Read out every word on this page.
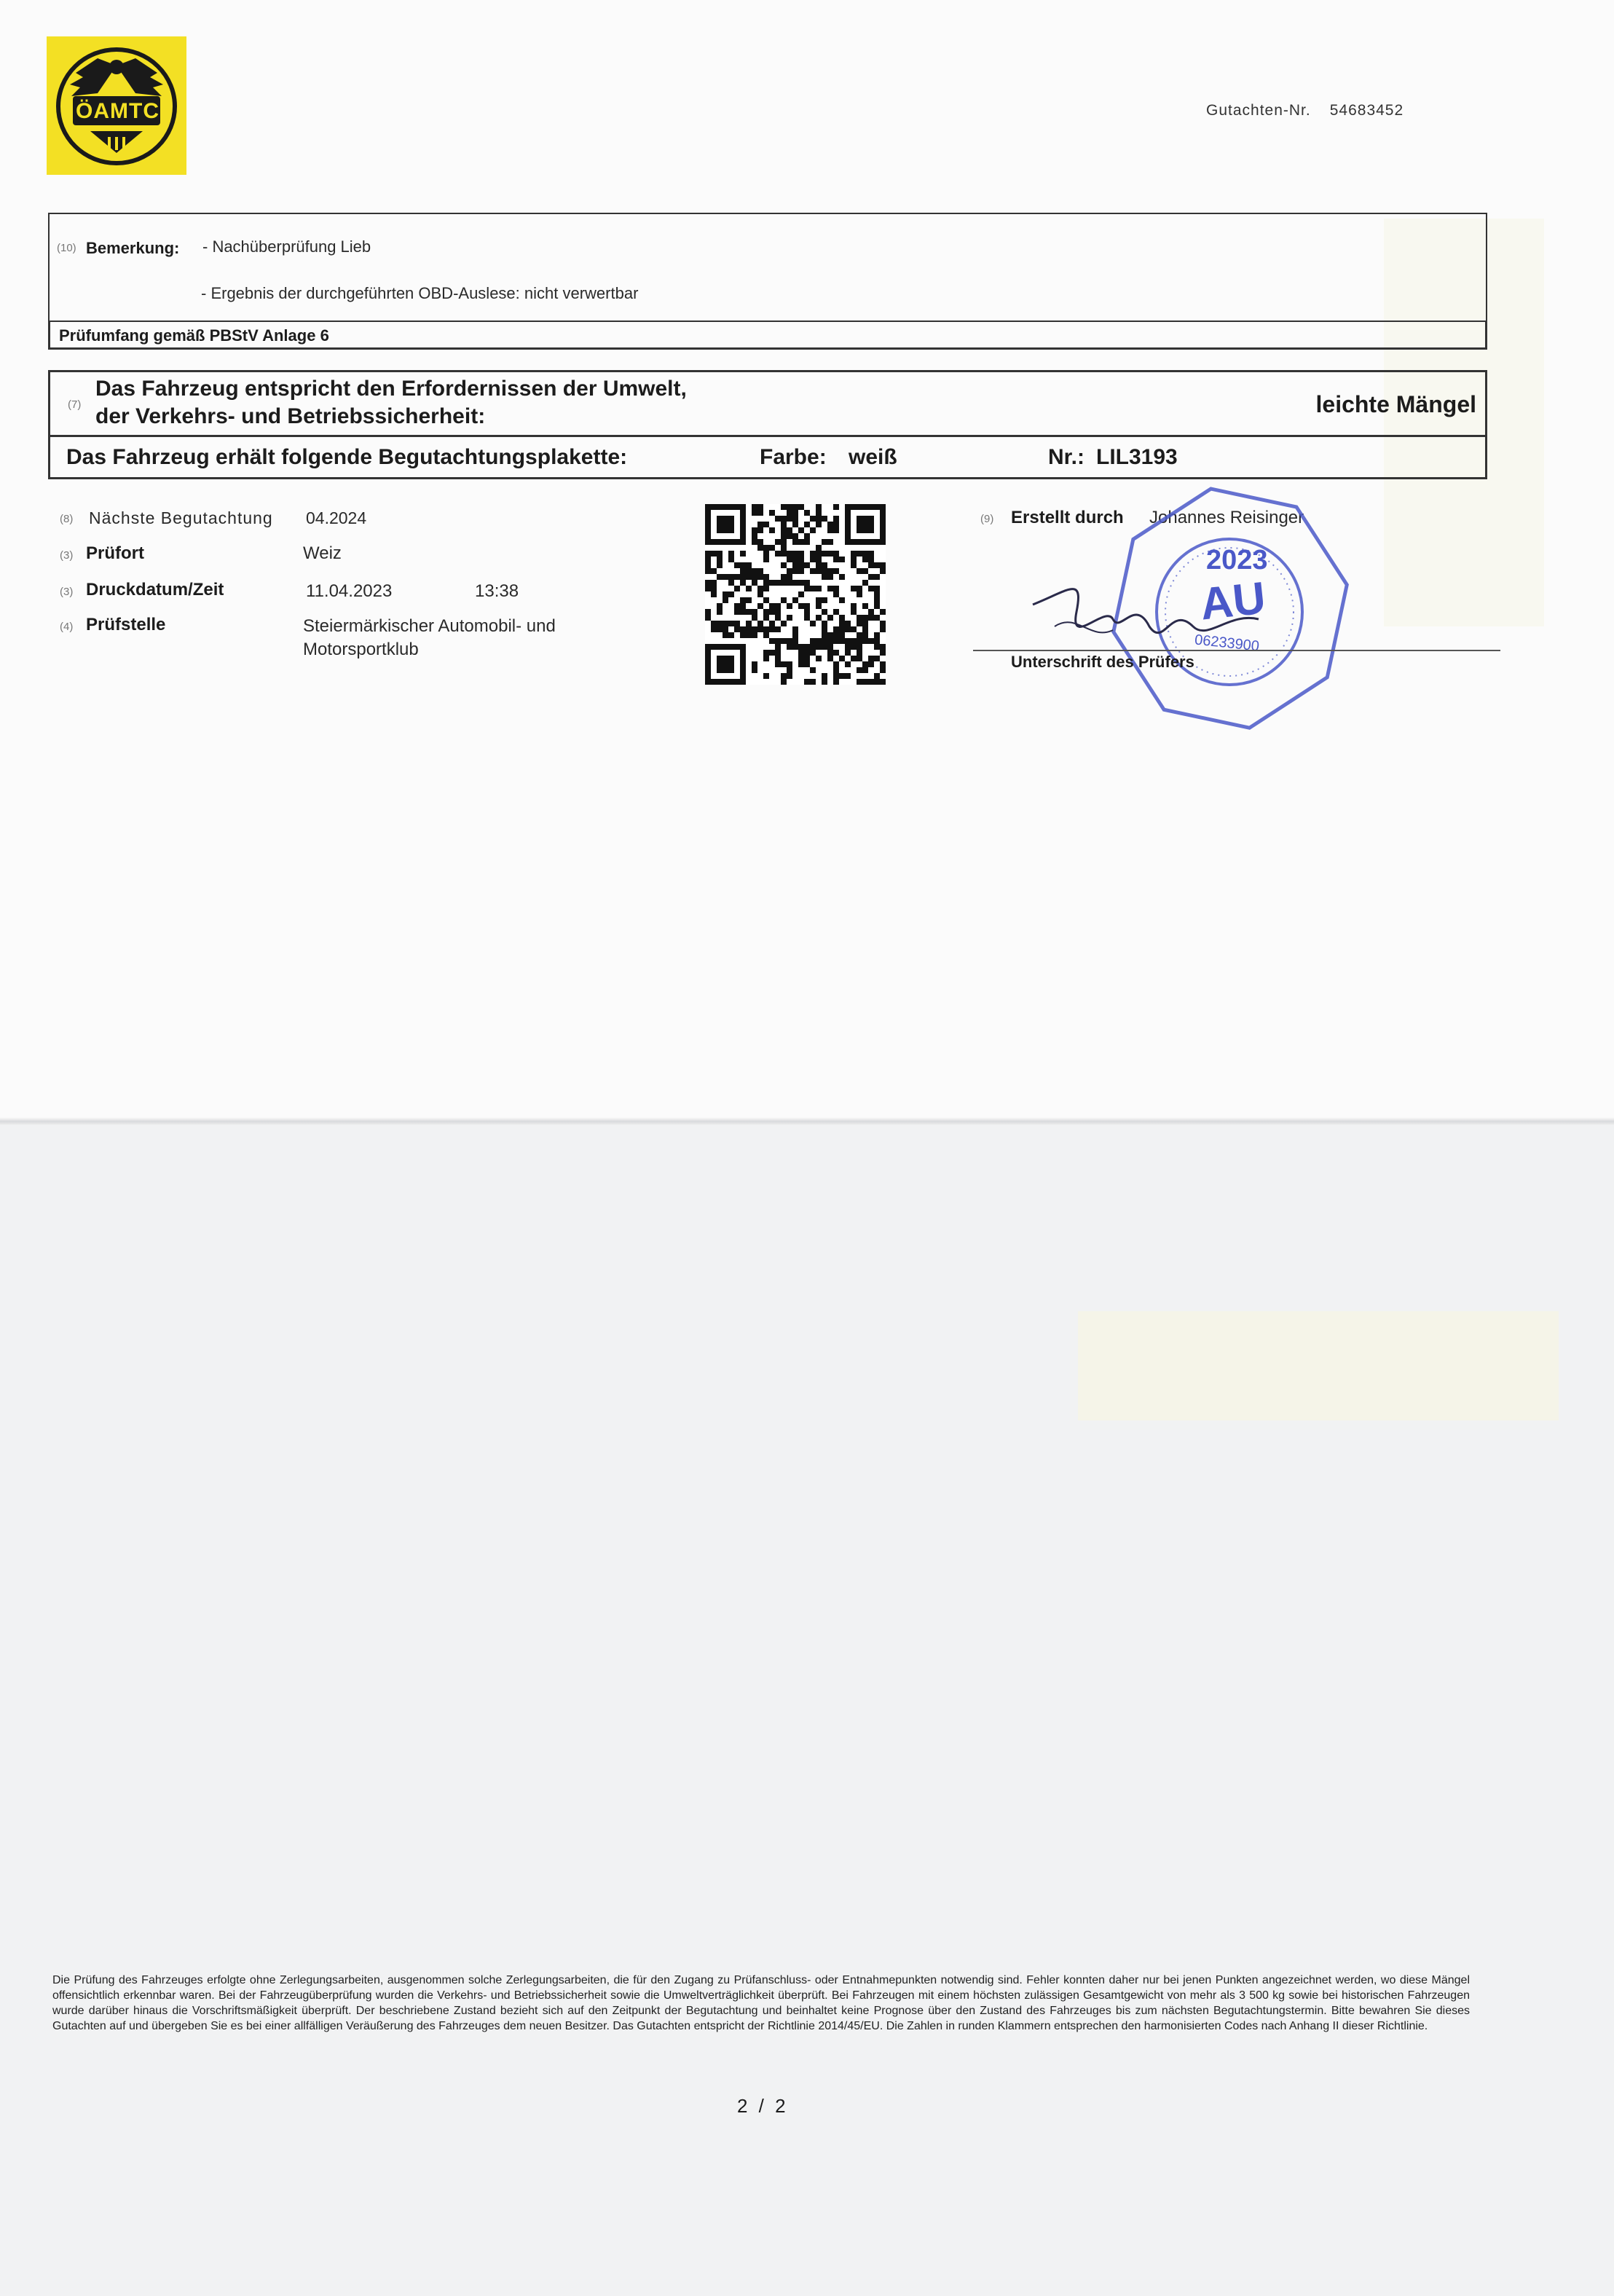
ÖAMTC	Gutachten-Nr. 54683452
(10) Bemerkung: - Nachüberprüfung Lieb
- Ergebnis der durchgeführten OBD-Auslese: nicht verwertbar
Prüfumfang gemäß PBStV Anlage 6
(7)
Das Fahrzeug entspricht den Erfordernissen der Umwelt,
der Verkehrs- und Betriebssicherheit:	leichte Mängel
Das Fahrzeug erhält folgende Begutachtungsplakette:	Farbe: weiß	Nr.: LIL3193
(8) Nächste Begutachtung 04.2024
(3) Prüfort	Weiz
(3) Druckdatum/Zeit	11.04.2023	13:38
(4) Prüfstelle	Steiermärkischer Automobil- und
Motorsportklub
(9) Erstellt durch Johannes Reisinger
2023
AU
06233900
Unterschrift des Prüfers
Die Prüfung des Fahrzeuges erfolgte ohne Zerlegungsarbeiten, ausgenommen solche Zerlegungsarbeiten, die für den Zugang zu Prüfanschluss- oder Entnahmepunkten notwendig sind. Fehler konnten daher nur bei jenen Punkten angezeichnet werden, wo diese Mängel offensichtlich erkennbar waren. Bei der Fahrzeugüberprüfung wurden die Verkehrs- und Betriebssicherheit sowie die Umweltverträglichkeit überprüft. Bei Fahrzeugen mit einem höchsten zulässigen Gesamtgewicht von mehr als 3 500 kg sowie bei historischen Fahrzeugen wurde darüber hinaus die Vorschriftsmäßigkeit überprüft. Der beschriebene Zustand bezieht sich auf den Zeitpunkt der Begutachtung und beinhaltet keine Prognose über den Zustand des Fahrzeuges bis zum nächsten Begutachtungstermin. Bitte bewahren Sie dieses Gutachten auf und übergeben Sie es bei einer allfälligen Veräußerung des Fahrzeuges dem neuen Besitzer. Das Gutachten entspricht der Richtlinie 2014/45/EU. Die Zahlen in runden Klammern entsprechen den harmonisierten Codes nach Anhang II dieser Richtlinie.
2 / 2
